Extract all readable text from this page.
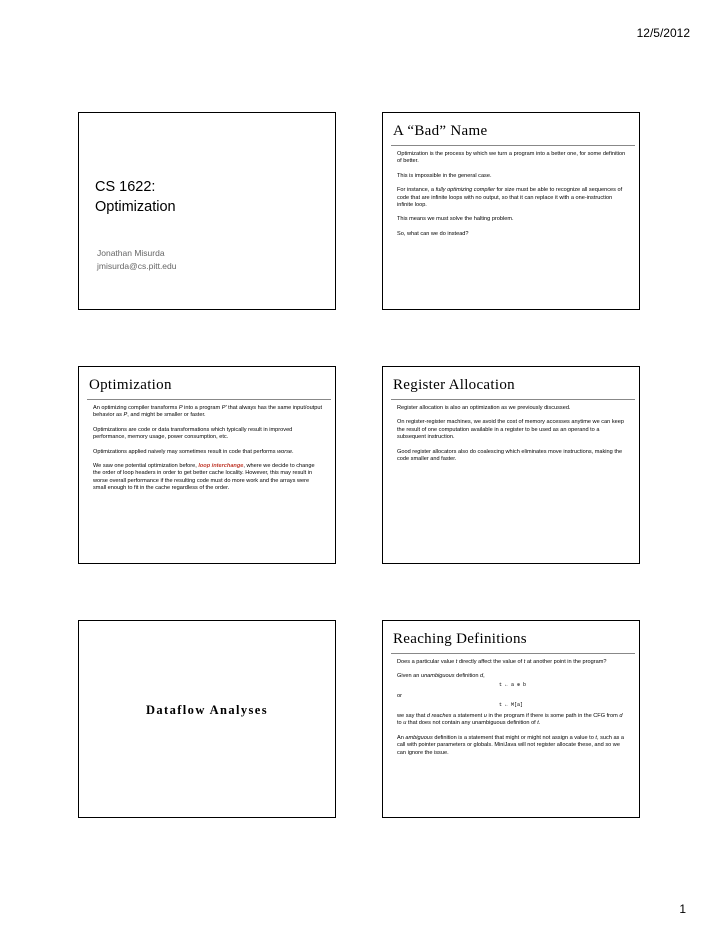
12/5/2012
CS 1622:
Optimization
Jonathan Misurda
jmisurda@cs.pitt.edu
A “Bad” Name

Optimization is the process by which we turn a program into a better one, for some definition of better.

This is impossible in the general case.

For instance, a fully optimizing compiler for size must be able to recognize all sequences of code that are infinite loops with no output, so that it can replace it with a one-instruction infinite loop.

This means we must solve the halting problem.

So, what can we do instead?

Optimization

An optimizing compiler transforms P into a program P' that always has the same input/output behavior as P, and might be smaller or faster.

Optimizations are code or data transformations which typically result in improved performance, memory usage, power consumption, etc.

Optimizations applied naively may sometimes result in code that performs worse.

We saw one potential optimization before, loop interchange, where we decide to change the order of loop headers in order to get better cache locality. However, this may result in worse overall performance if the resulting code must do more work and the arrays were small enough to fit in the cache regardless of the order.

Register Allocation

Register allocation is also an optimization as we previously discussed.

On register-register machines, we avoid the cost of memory accesses anytime we can keep the result of one computation available in a register to be used as an operand to a subsequent instruction.

Good register allocators also do coalescing which eliminates move instructions, making the code smaller and faster.

Dataflow Analyses
Reaching Definitions

Does a particular value t directly affect the value of t at another point in the program?

Given an unambiguous definition d,

t ← a ⊕ b
or
t ← M[a]

we say that d reaches a statement u in the program if there is some path in the CFG from d to u that does not contain any unambiguous definition of t.

An ambiguous definition is a statement that might or might not assign a value to t, such as a call with pointer parameters or globals. MiniJava will not register allocate these, and so we can ignore the issue.

1
